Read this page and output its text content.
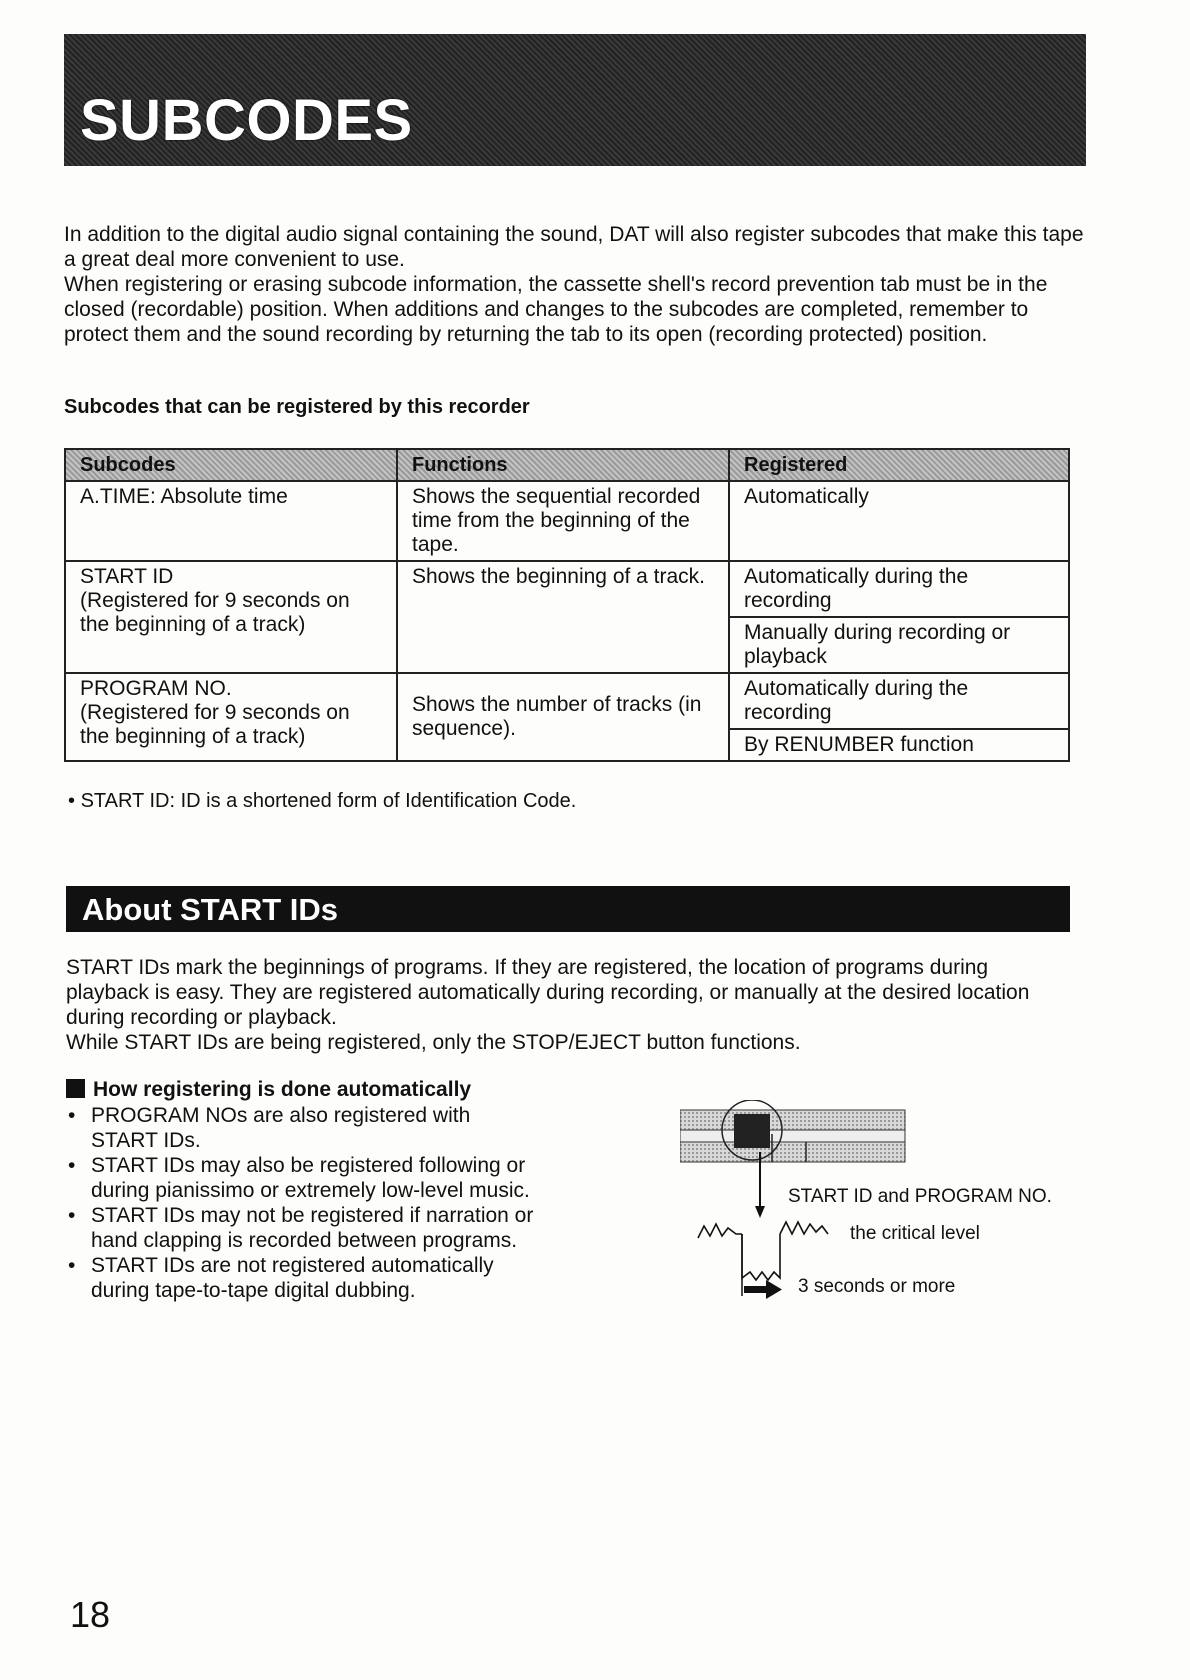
SUBCODES

In addition to the digital audio signal containing the sound, DAT will also register subcodes that make this tape a great deal more convenient to use.

When registering or erasing subcode information, the cassette shell's record prevention tab must be in the closed (recordable) position. When additions and changes to the subcodes are completed, remember to protect them and the sound recording by returning the tab to its open (recording protected) position.

Subcodes that can be registered by this recorder
Subcodes	Functions	Registered
A.TIME: Absolute time	Shows the sequential recorded time from the beginning of the tape.	Automatically

START ID
(Registered for 9 seconds on the beginning of a track)	Shows the beginning of a track.	Automatically during the recording
		Manually during recording or playback

PROGRAM NO.
(Registered for 9 seconds on the beginning of a track)	Shows the number of tracks (in sequence).	Automatically during the recording
		By RENUMBER function
• START ID: ID is a shortened form of Identification Code.
About START IDs

START IDs mark the beginnings of programs. If they are registered, the location of programs during playback is easy. They are registered automatically during recording, or manually at the desired location during recording or playback.

While START IDs are being registered, only the STOP/EJECT button functions.

How registering is done automatically
• PROGRAM NOs are also registered with START IDs.
• START IDs may also be registered following or during pianissimo or extremely low-level music.
• START IDs may not be registered if narration or hand clapping is recorded between programs.
• START IDs are not registered automatically during tape-to-tape digital dubbing.
START ID and PROGRAM NO.
the critical level
3 seconds or more
18
